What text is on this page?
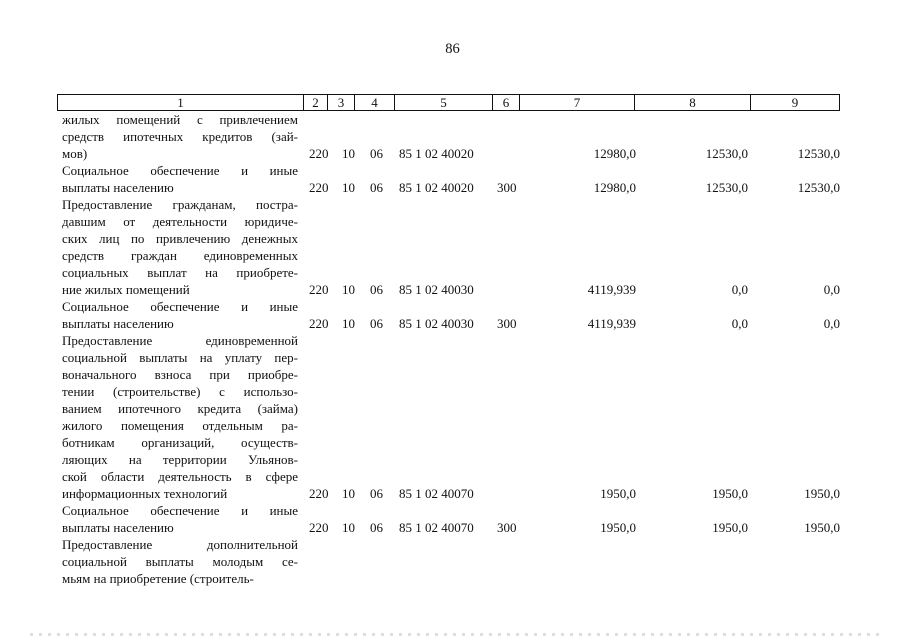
86
1	2	3	4	5	6	7	8	9
жилых помещений с привлечением
средств ипотечных кредитов (зай-
мов)	220 10 06 85 1 02 40020	12980,0	12530,0	12530,0
Социальное обеспечение и иные
выплаты населению	220 10 06 85 1 02 40020 300	12980,0	12530,0	12530,0
Предоставление гражданам, постра-
давшим от деятельности юридиче-
ских лиц по привлечению денежных
средств граждан единовременных
социальных выплат на приобрете-
ние жилых помещений	220 10 06 85 1 02 40030	4119,939	0,0	0,0
Социальное обеспечение и иные
выплаты населению	220 10 06 85 1 02 40030 300	4119,939	0,0	0,0
Предоставление единовременной
социальной выплаты на уплату пер-
воначального взноса при приобре-
тении (строительстве) с использо-
ванием ипотечного кредита (займа)
жилого помещения отдельным ра-
ботникам организаций, осуществ-
ляющих на территории Ульянов-
ской области деятельность в сфере
информационных технологий	220 10 06 85 1 02 40070	1950,0	1950,0	1950,0
Социальное обеспечение и иные
выплаты населению	220 10 06 85 1 02 40070 300	1950,0	1950,0	1950,0
Предоставление дополнительной
социальной выплаты молодым се-
мьям на приобретение (строитель-
